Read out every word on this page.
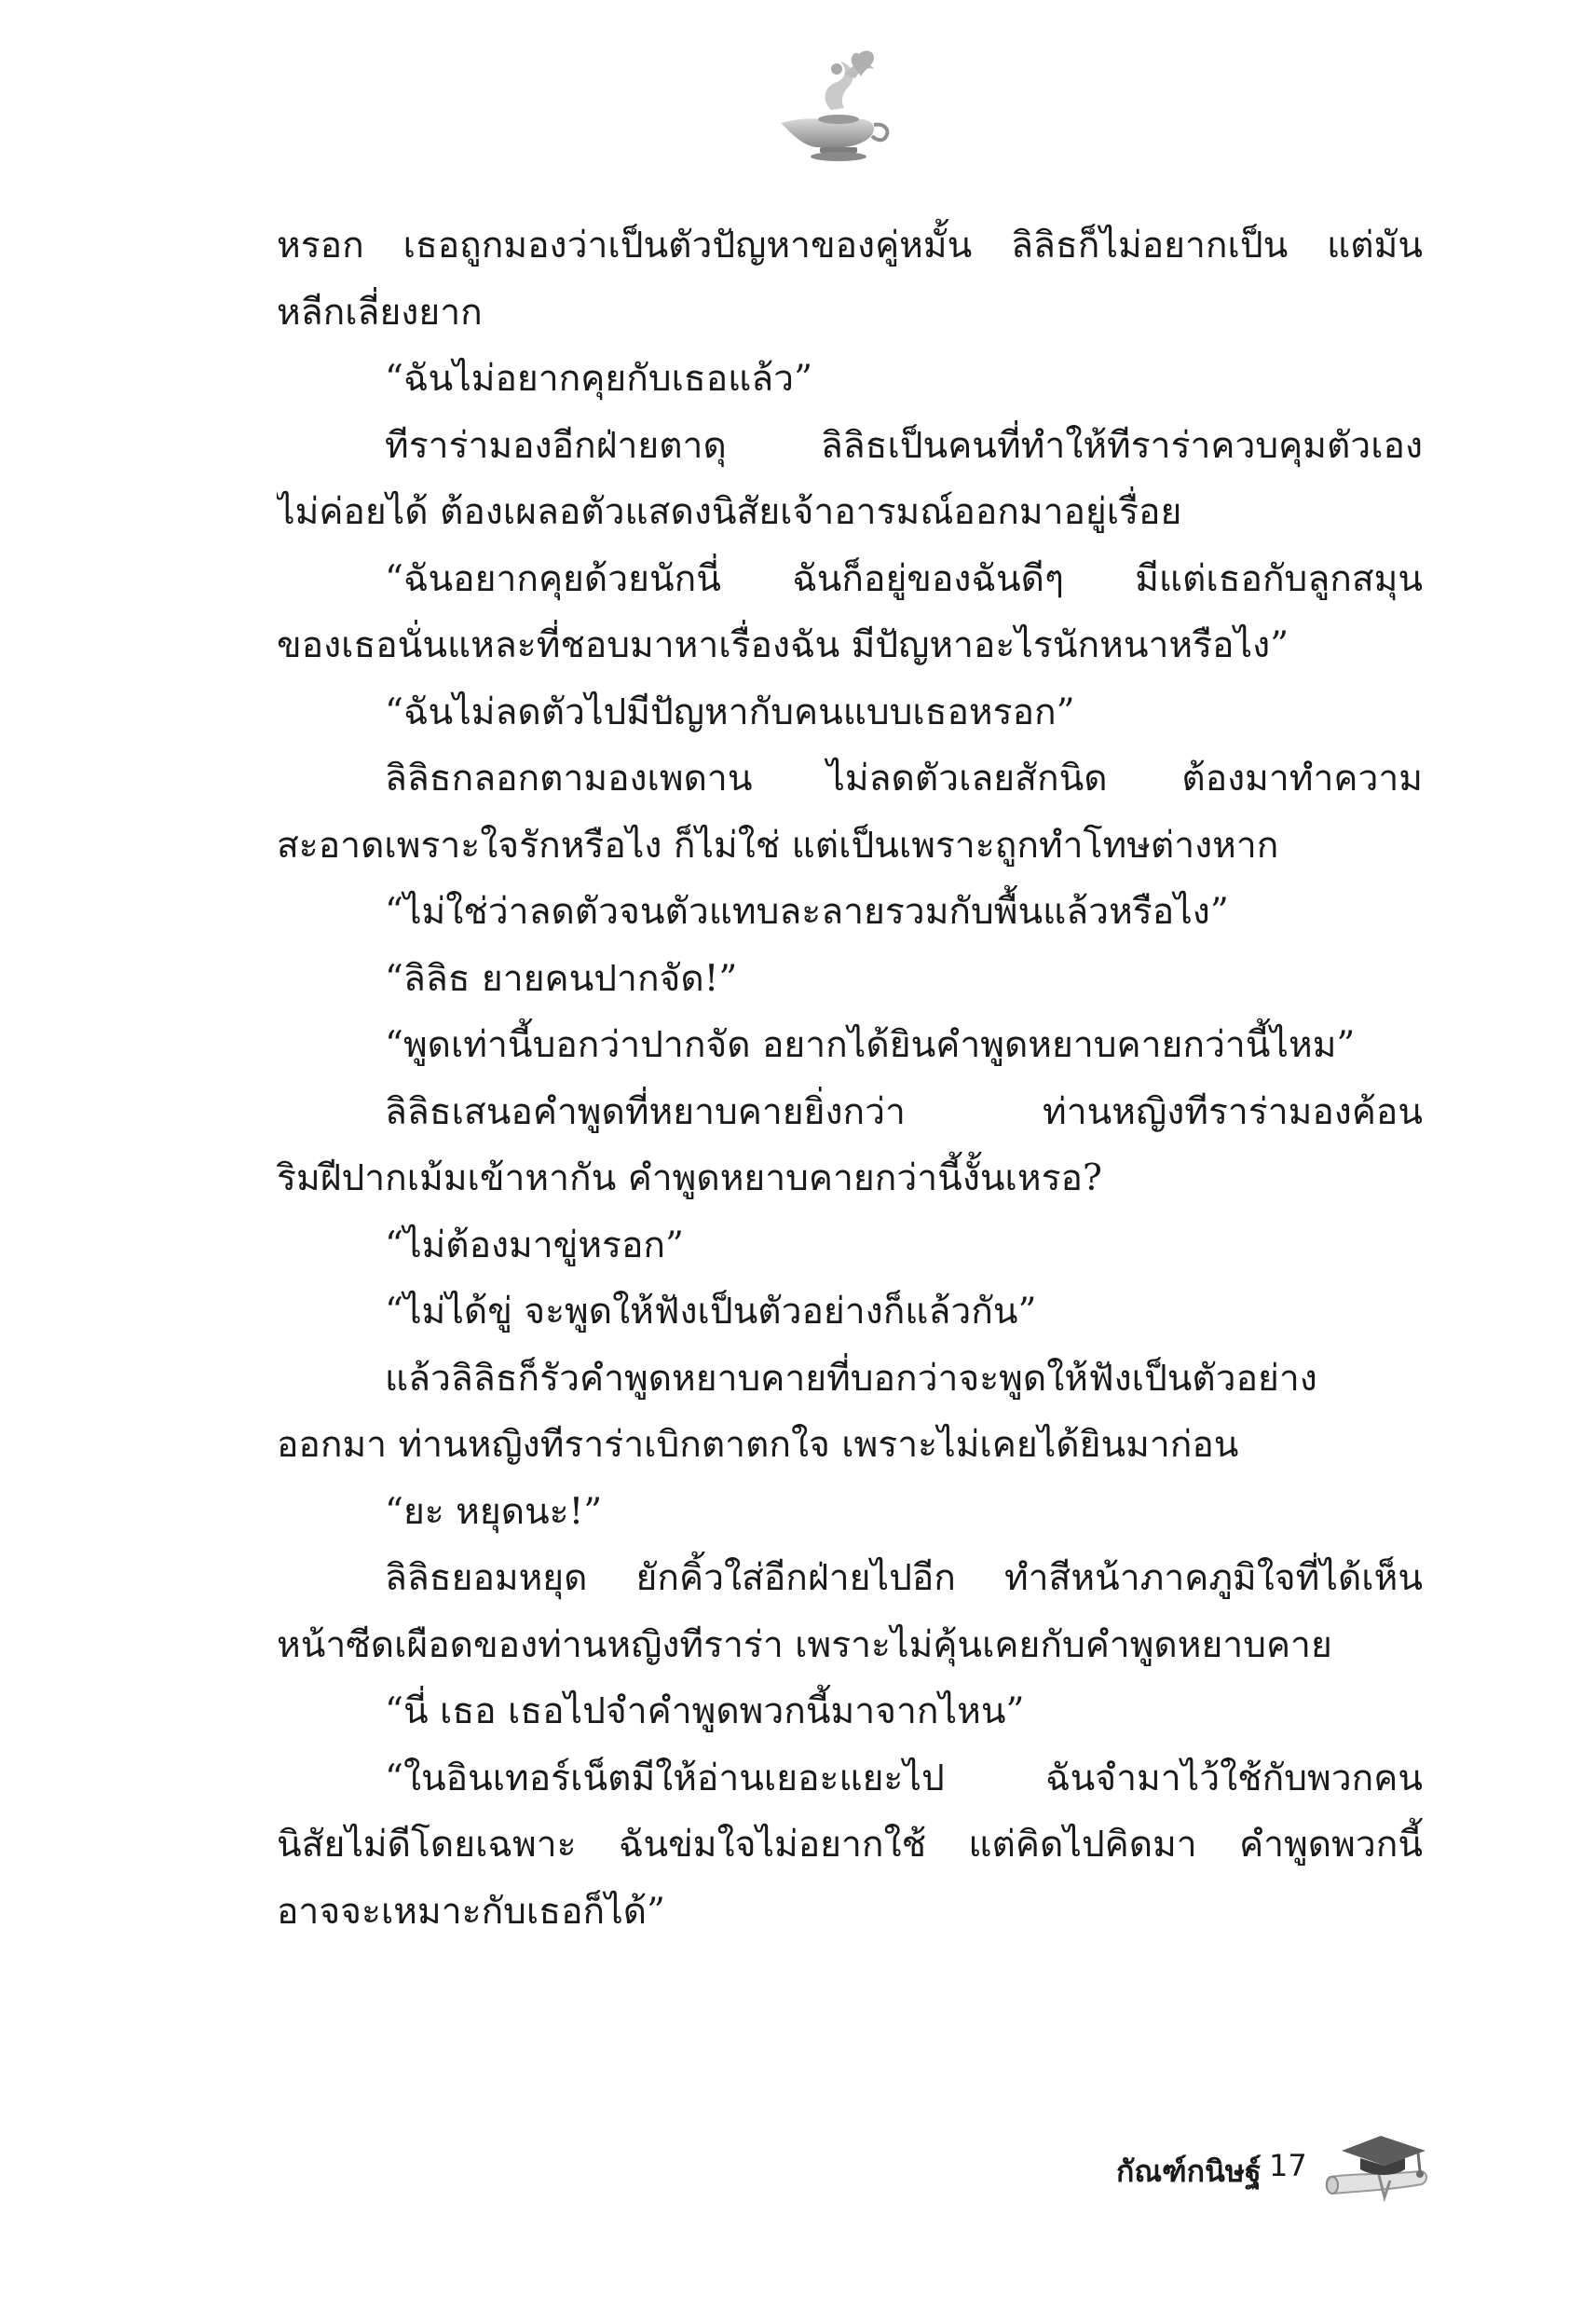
หรอก เธอถูกมองว่าเป็นตัวปัญหาของคู่หมั้น ลิลิธก็ไม่อยากเป็น แต่มัน
หลีกเลี่ยงยาก
“ฉันไม่อยากคุยกับเธอแล้ว”
ทีราร่ามองอีกฝ่ายตาดุ ลิลิธเป็นคนที่ทำให้ทีราร่าควบคุมตัวเอง
ไม่ค่อยได้ ต้องเผลอตัวแสดงนิสัยเจ้าอารมณ์ออกมาอยู่เรื่อย
“ฉันอยากคุยด้วยนักนี่ ฉันก็อยู่ของฉันดีๆ มีแต่เธอกับลูกสมุน
ของเธอนั่นแหละที่ชอบมาหาเรื่องฉัน มีปัญหาอะไรนักหนาหรือไง”
“ฉันไม่ลดตัวไปมีปัญหากับคนแบบเธอหรอก”
ลิลิธกลอกตามองเพดาน ไม่ลดตัวเลยสักนิด ต้องมาทำความ
สะอาดเพราะใจรักหรือไง ก็ไม่ใช่ แต่เป็นเพราะถูกทำโทษต่างหาก
“ไม่ใช่ว่าลดตัวจนตัวแทบละลายรวมกับพื้นแล้วหรือไง”
“ลิลิธ ยายคนปากจัด!”
“พูดเท่านี้บอกว่าปากจัด อยากได้ยินคำพูดหยาบคายกว่านี้ไหม”
ลิลิธเสนอคำพูดที่หยาบคายยิ่งกว่า ท่านหญิงทีราร่ามองค้อน
ริมฝีปากเม้มเข้าหากัน คำพูดหยาบคายกว่านี้งั้นเหรอ?
“ไม่ต้องมาขู่หรอก”
“ไม่ได้ขู่ จะพูดให้ฟังเป็นตัวอย่างก็แล้วกัน”
แล้วลิลิธก็รัวคำพูดหยาบคายที่บอกว่าจะพูดให้ฟังเป็นตัวอย่าง
ออกมา ท่านหญิงทีราร่าเบิกตาตกใจ เพราะไม่เคยได้ยินมาก่อน
“ยะ หยุดนะ!”
ลิลิธยอมหยุด ยักคิ้วใส่อีกฝ่ายไปอีก ทำสีหน้าภาคภูมิใจที่ได้เห็น
หน้าซีดเผือดของท่านหญิงทีราร่า เพราะไม่คุ้นเคยกับคำพูดหยาบคาย
“นี่ เธอ เธอไปจำคำพูดพวกนี้มาจากไหน”
“ในอินเทอร์เน็ตมีให้อ่านเยอะแยะไป ฉันจำมาไว้ใช้กับพวกคน
นิสัยไม่ดีโดยเฉพาะ ฉันข่มใจไม่อยากใช้ แต่คิดไปคิดมา คำพูดพวกนี้
อาจจะเหมาะกับเธอก็ได้”
กัณฑ์กนิษฐ์ 17
